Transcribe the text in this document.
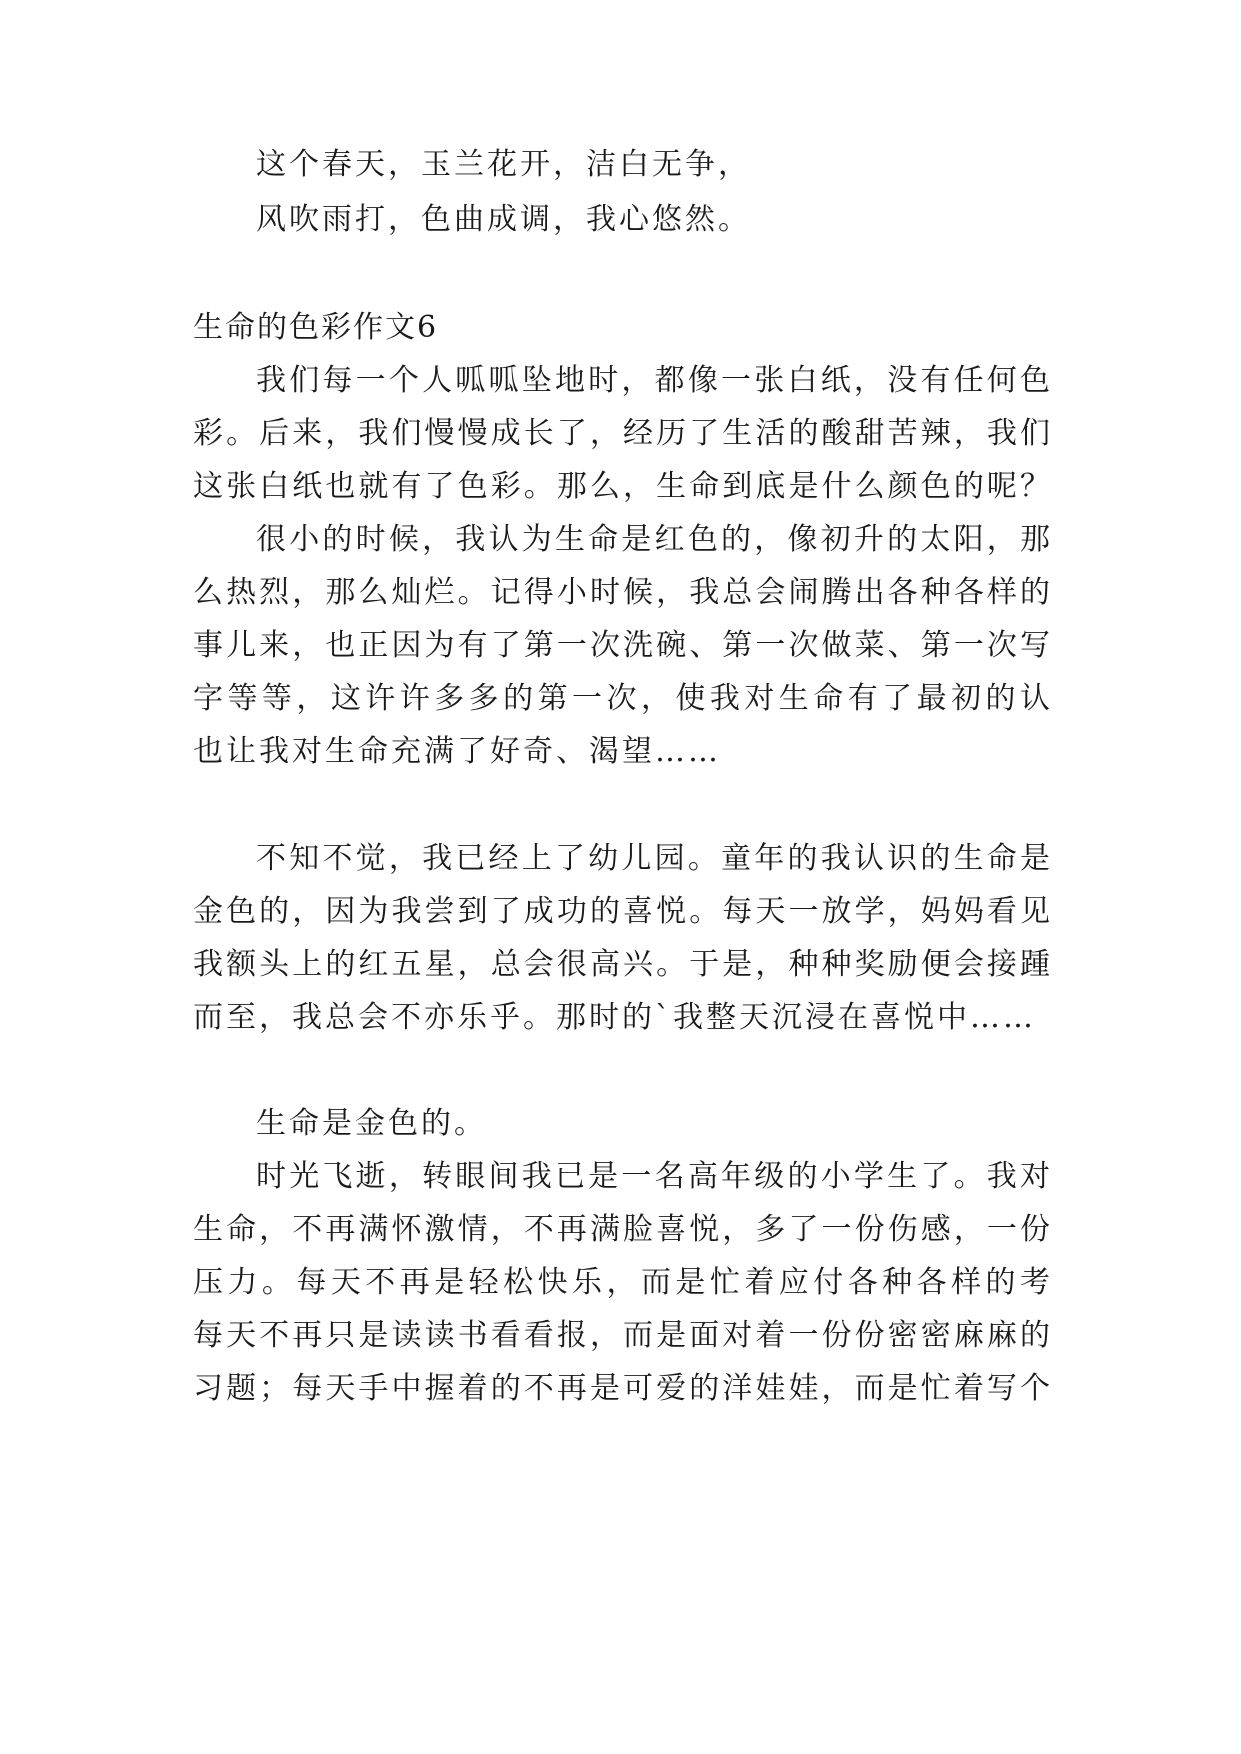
这个春天，玉兰花开，洁白无争，
风吹雨打，色曲成调，我心悠然。
生命的色彩作文6
我们每一个人呱呱坠地时，都像一张白纸，没有任何色
彩。后来，我们慢慢成长了，经历了生活的酸甜苦辣，我们
这张白纸也就有了色彩。那么，生命到底是什么颜色的呢？
很小的时候，我认为生命是红色的，像初升的太阳，那
么热烈，那么灿烂。记得小时候，我总会闹腾出各种各样的
事儿来，也正因为有了第一次洗碗、第一次做菜、第一次写
字等等，这许许多多的第一次，使我对生命有了最初的认
也让我对生命充满了好奇、渴望……
不知不觉，我已经上了幼儿园。童年的我认识的生命是
金色的，因为我尝到了成功的喜悦。每天一放学，妈妈看见
我额头上的红五星，总会很高兴。于是，种种奖励便会接踵
而至，我总会不亦乐乎。那时的`我整天沉浸在喜悦中……
生命是金色的。
时光飞逝，转眼间我已是一名高年级的小学生了。我对
生命，不再满怀激情，不再满脸喜悦，多了一份伤感，一份
压力。每天不再是轻松快乐，而是忙着应付各种各样的考
每天不再只是读读书看看报，而是面对着一份份密密麻麻的
习题；每天手中握着的不再是可爱的洋娃娃，而是忙着写个
